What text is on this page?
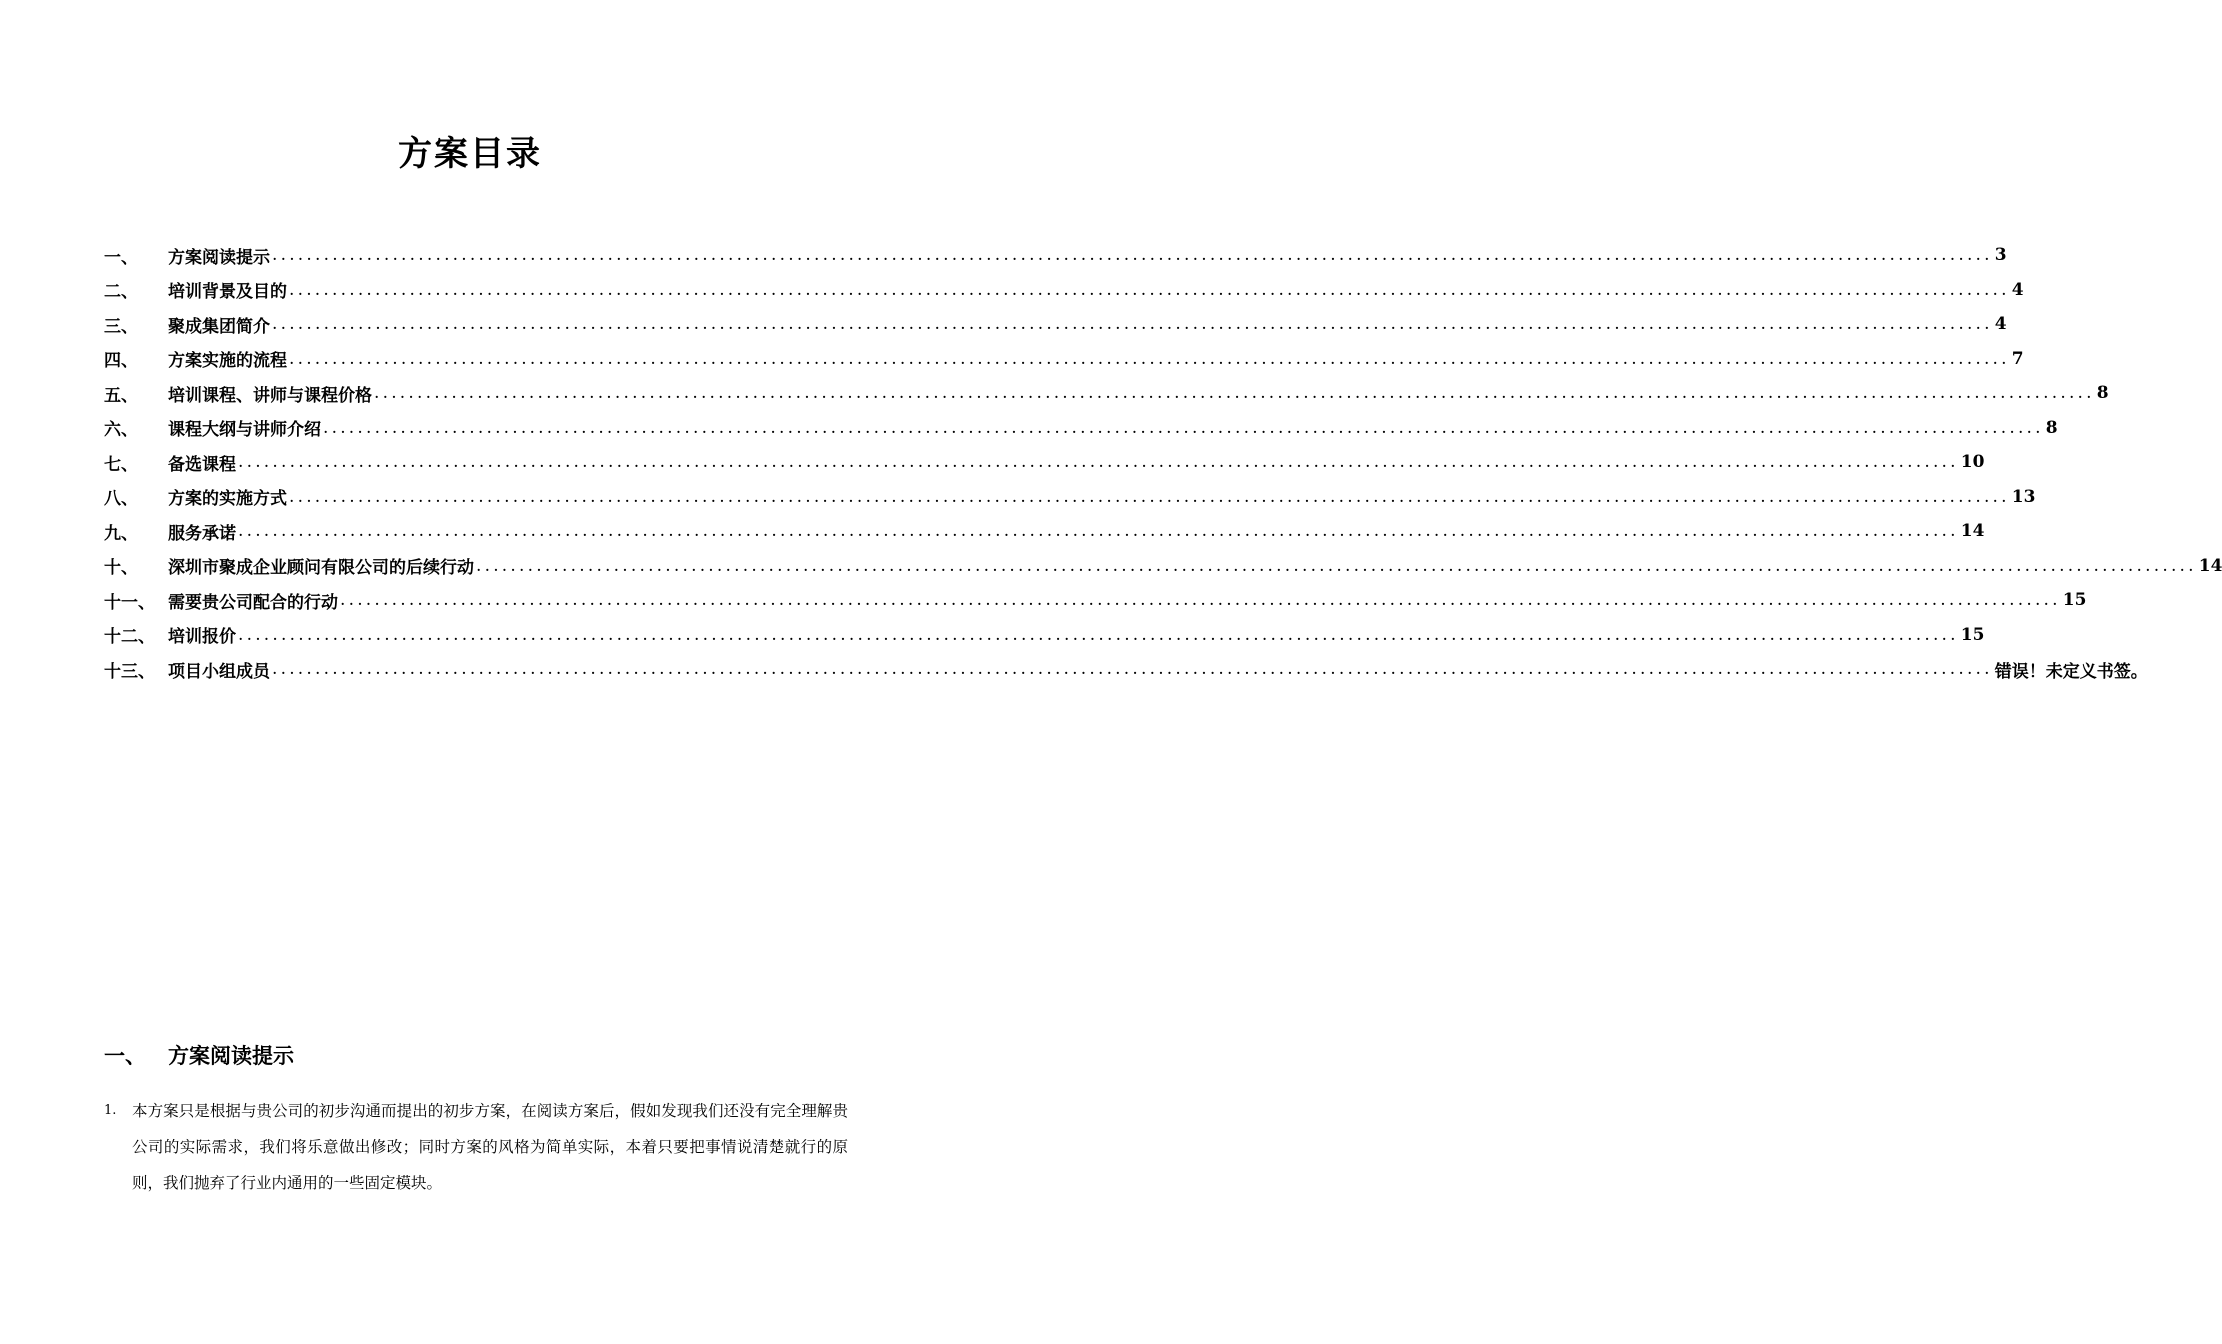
方案目录
一、	方案阅读提示 ........................................................................................................................................................................................................ 3
二、	培训背景及目的 ........................................................................................................................................................................................................ 4
三、	聚成集团简介 ........................................................................................................................................................................................................ 4
四、	方案实施的流程 ........................................................................................................................................................................................................ 7
五、	培训课程、讲师与课程价格 ........................................................................................................................................................................................................ 8
六、	课程大纲与讲师介绍 ........................................................................................................................................................................................................ 8
七、	备选课程 ........................................................................................................................................................................................................ 10
八、	方案的实施方式 ........................................................................................................................................................................................................ 13
九、	服务承诺 ........................................................................................................................................................................................................ 14
十、	深圳市聚成企业顾问有限公司的后续行动 ........................................................................................................................................................................................................ 14
十一、 需要贵公司配合的行动 ........................................................................................................................................................................................................ 15
十二、 培训报价 ........................................................................................................................................................................................................ 15
十三、 项目小组成员 ........................................................................................................................................................................................................ 错误！未定义书签。
一、	方案阅读提示
1.	本方案只是根据与贵公司的初步沟通而提出的初步方案，在阅读方案后，假如发现我们还没有完全理解贵公司的实际需求，我们将乐意做出修改；同时方案的风格为简单实际，本着只要把事情说清楚就行的原则，我们抛弃了行业内通用的一些固定模块。
